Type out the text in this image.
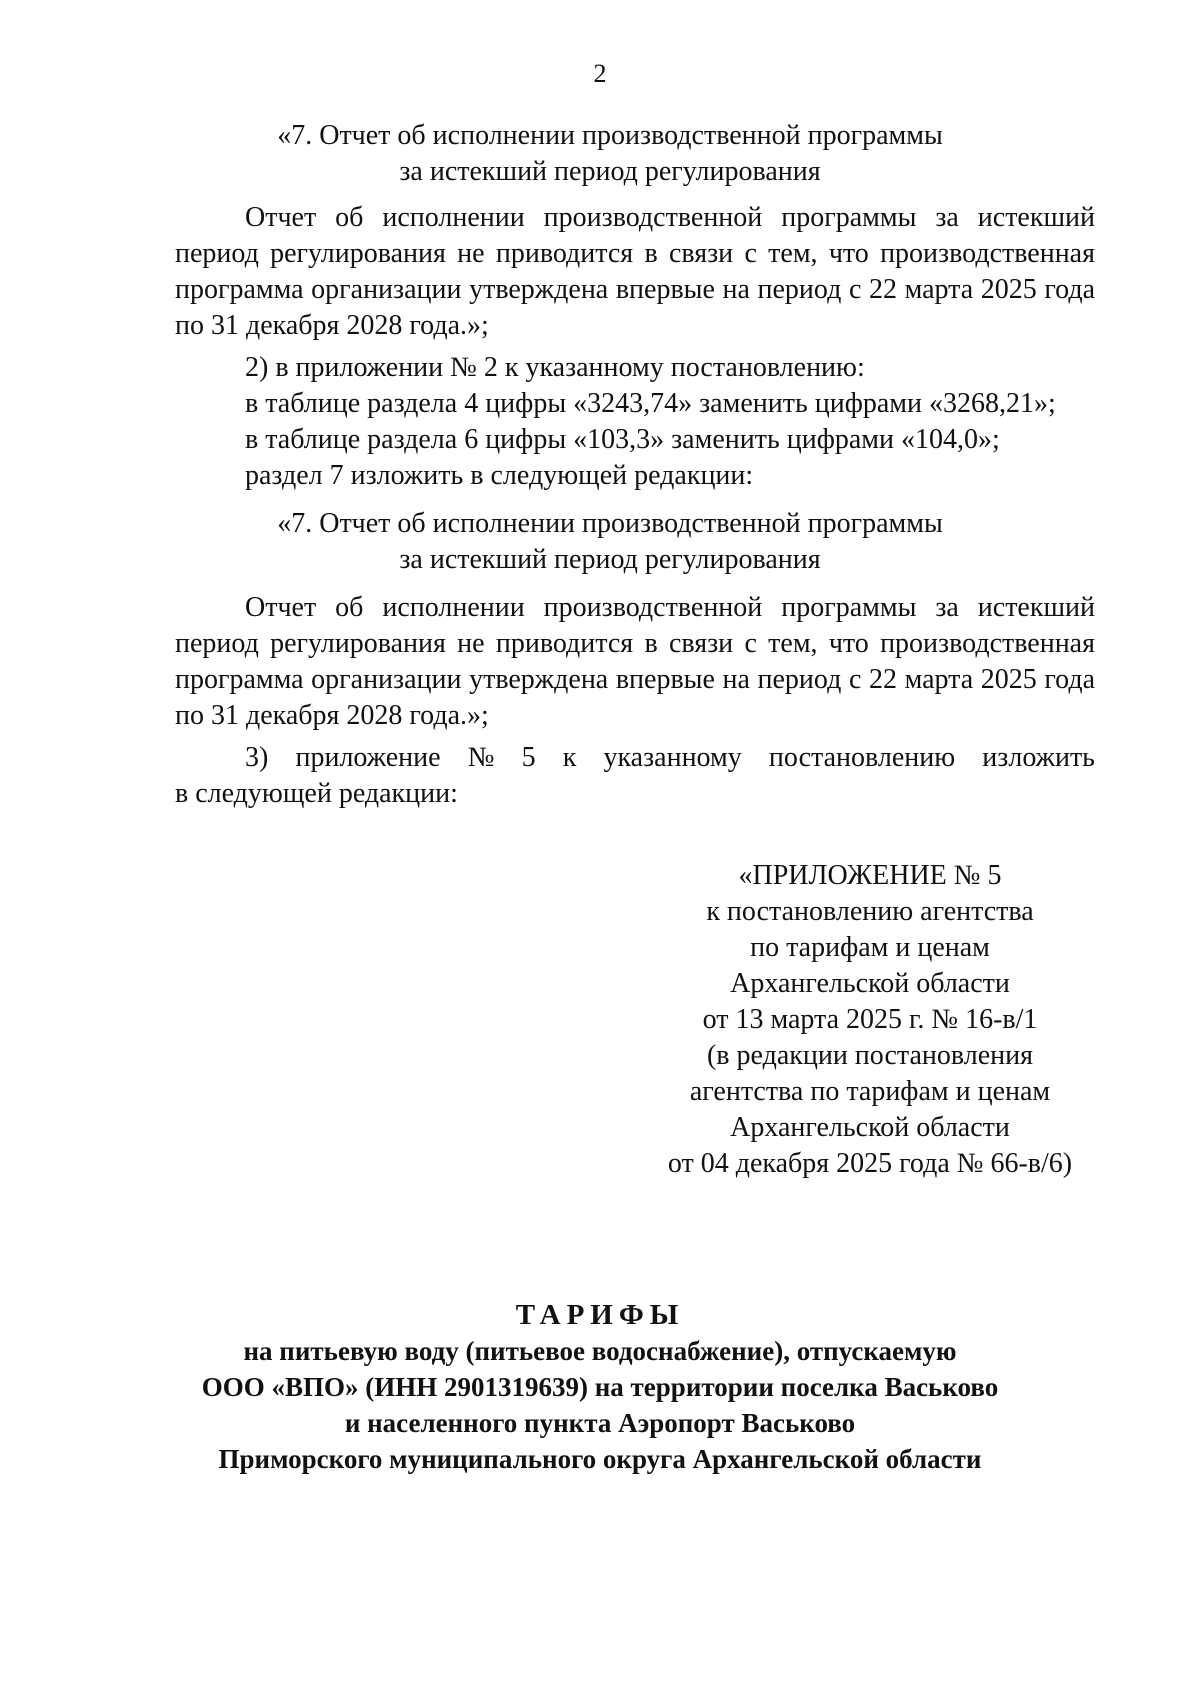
2
«7. Отчет об исполнении производственной программы
за истекший период регулирования
Отчет об исполнении производственной программы за истекший период регулирования не приводится в связи с тем, что производственная программа организации утверждена впервые на период с 22 марта 2025 года по 31 декабря 2028 года.»;
2) в приложении № 2 к указанному постановлению:
в таблице раздела 4 цифры «3243,74» заменить цифрами «3268,21»;
в таблице раздела 6 цифры «103,3» заменить цифрами «104,0»;
раздел 7 изложить в следующей редакции:
«7. Отчет об исполнении производственной программы
за истекший период регулирования
Отчет об исполнении производственной программы за истекший период регулирования не приводится в связи с тем, что производственная программа организации утверждена впервые на период с 22 марта 2025 года по 31 декабря 2028 года.»;
3) приложение № 5 к указанному постановлению изложить
в следующей редакции:
«ПРИЛОЖЕНИЕ № 5
к постановлению агентства
по тарифам и ценам
Архангельской области
от 13 марта 2025 г. № 16-в/1
(в редакции постановления
агентства по тарифам и ценам
Архангельской области
от 04 декабря 2025 года № 66-в/6)
ТАРИФЫ
на питьевую воду (питьевое водоснабжение), отпускаемую
ООО «ВПО» (ИНН 2901319639) на территории поселка Васьково
и населенного пункта Аэропорт Васьково
Приморского муниципального округа Архангельской области
